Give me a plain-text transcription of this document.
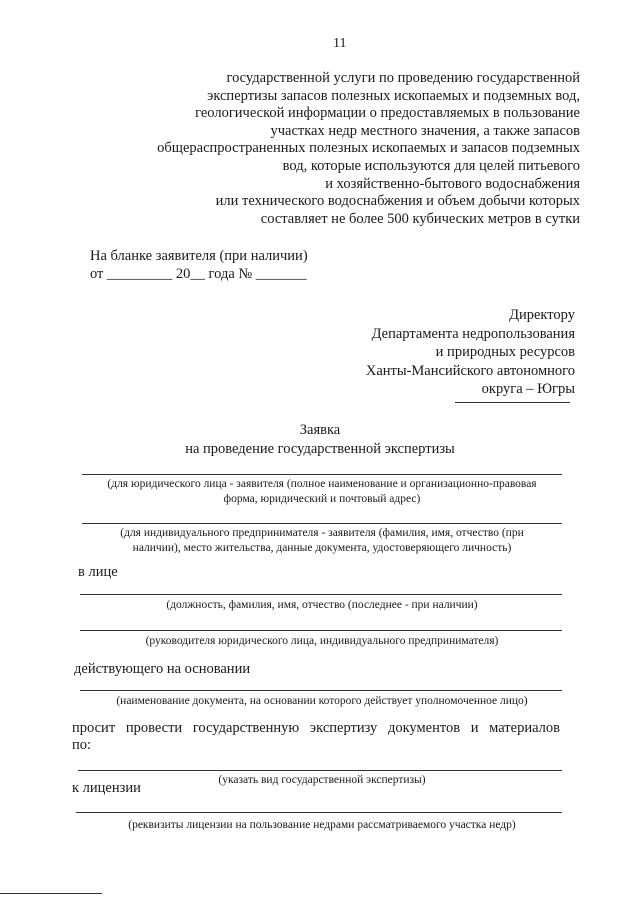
11
государственной услуги по проведению государственной
экспертизы запасов полезных ископаемых и подземных вод,
геологической информации о предоставляемых в пользование
участках недр местного значения, а также запасов
общераспространенных полезных ископаемых и запасов подземных
вод, которые используются для целей питьевого
и хозяйственно-бытового водоснабжения
или технического водоснабжения и объем добычи которых
составляет не более 500 кубических метров в сутки
На бланке заявителя (при наличии)
от _________ 20__ года № _______
Директору
Департамента недропользования
и природных ресурсов
Ханты-Мансийского автономного
округа – Югры
Заявка
на проведение государственной экспертизы
(для юридического лица - заявителя (полное наименование и организационно-правовая
форма, юридический и почтовый адрес)
(для индивидуального предпринимателя - заявителя (фамилия, имя, отчество (при
наличии), место жительства, данные документа, удостоверяющего личность)
в лице
(должность, фамилия, имя, отчество (последнее - при наличии)
(руководителя юридического лица, индивидуального предпринимателя)
действующего на основании
(наименование документа, на основании которого действует уполномоченное лицо)
просит провести государственную экспертизу документов и материалов
по:
(указать вид государственной экспертизы)
к лицензии
(реквизиты лицензии на пользование недрами рассматриваемого участка недр)
